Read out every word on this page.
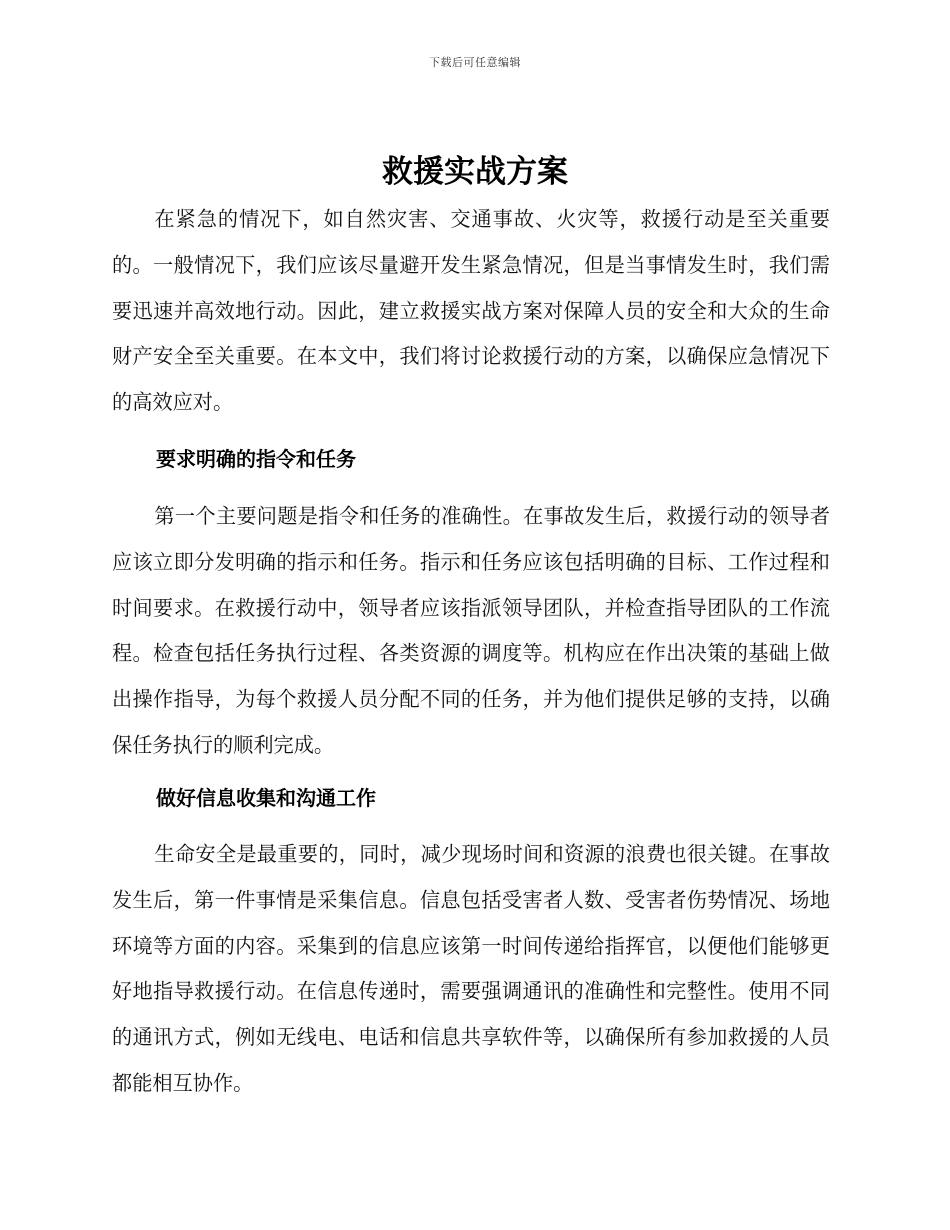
下载后可任意编辑
救援实战方案

在紧急的情况下，如自然灾害、交通事故、火灾等，救援行动是至关重要的。一般情况下，我们应该尽量避开发生紧急情况，但是当事情发生时，我们需要迅速并高效地行动。因此，建立救援实战方案对保障人员的安全和大众的生命财产安全至关重要。在本文中，我们将讨论救援行动的方案，以确保应急情况下的高效应对。

要求明确的指令和任务

第一个主要问题是指令和任务的准确性。在事故发生后，救援行动的领导者应该立即分发明确的指示和任务。指示和任务应该包括明确的目标、工作过程和时间要求。在救援行动中，领导者应该指派领导团队，并检查指导团队的工作流程。检查包括任务执行过程、各类资源的调度等。机构应在作出决策的基础上做出操作指导，为每个救援人员分配不同的任务，并为他们提供足够的支持，以确保任务执行的顺利完成。

做好信息收集和沟通工作

生命安全是最重要的，同时，减少现场时间和资源的浪费也很关键。在事故发生后，第一件事情是采集信息。信息包括受害者人数、受害者伤势情况、场地环境等方面的内容。采集到的信息应该第一时间传递给指挥官，以便他们能够更好地指导救援行动。在信息传递时，需要强调通讯的准确性和完整性。使用不同的通讯方式，例如无线电、电话和信息共享软件等，以确保所有参加救援的人员都能相互协作。
